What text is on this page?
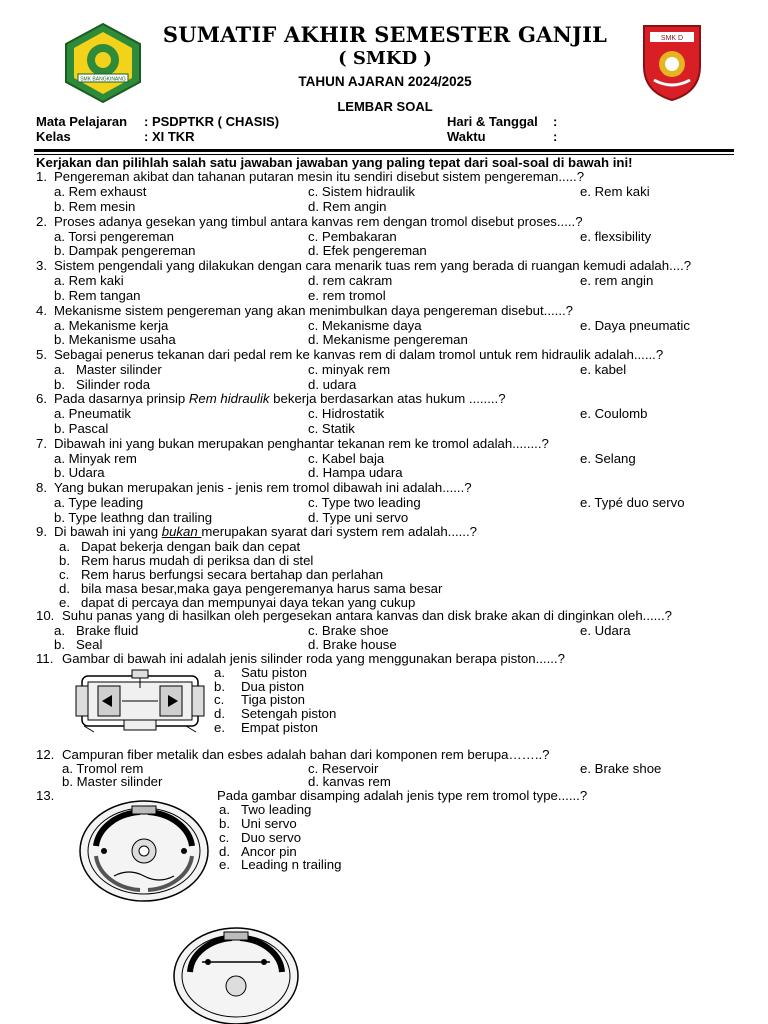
SMK BANGKINANG
SMK D
SUMATIF AKHIR SEMESTER GANJIL
( SMKD )
TAHUN AJARAN 2024/2025
LEMBAR SOAL
Mata Pelajaran : PSDPTKR ( CHASIS)
Kelas	: XI TKR
Hari & Tanggal :
Waktu	:
Kerjakan dan pilihlah salah satu jawaban jawaban yang paling tepat dari soal-soal di bawah ini!
1. Pengereman akibat dan tahanan putaran mesin itu sendiri disebut sistem pengereman.....?
a. Rem exhaust	c. Sistem hidraulik	e. Rem kaki
b. Rem mesin	d. Rem angin
2. Proses adanya gesekan yang timbul antara kanvas rem dengan tromol disebut proses.....?
a. Torsi pengereman	c. Pembakaran	e. flexsibility
b. Dampak pengereman	d. Efek pengereman
3. Sistem pengendali yang dilakukan dengan cara menarik tuas rem yang berada di ruangan kemudi adalah....?
a. Rem kaki	d. rem cakram	e. rem angin
b. Rem tangan	e. rem tromol
4. Mekanisme sistem pengereman yang akan menimbulkan daya pengereman disebut......?
a. Mekanisme kerja	c. Mekanisme daya	e. Daya pneumatic
b. Mekanisme usaha	d. Mekanisme pengereman
5. Sebagai penerus tekanan dari pedal rem ke kanvas rem di dalam tromol untuk rem hidraulik adalah......?
a.   Master silinder	c. minyak rem	e. kabel
b.   Silinder roda	d. udara
6. Pada dasarnya prinsip Rem hidraulik bekerja berdasarkan atas hukum ........?
a. Pneumatik	c. Hidrostatik	e. Coulomb
b. Pascal	c. Statik
7. Dibawah ini yang bukan merupakan penghantar tekanan rem ke tromol adalah........?
a. Minyak rem	c. Kabel baja	e. Selang
b. Udara	d. Hampa udara
8. Yang bukan merupakan jenis - jenis rem tromol dibawah ini adalah......?
a. Type leading	c. Type two leading	e. Typé duo servo
b. Type leathng dan trailing	d. Type uni servo
9. Di bawah ini yang bukan merupakan syarat dari system rem adalah......?
a. Dapat bekerja dengan baik dan cepat
b. Rem harus mudah di periksa dan di stel
c. Rem harus berfungsi secara bertahap dan perlahan
d. bila masa besar,maka gaya pengeremanya harus sama besar
e. dapat di percaya dan mempunyai daya tekan yang cukup
10. Suhu panas yang di hasilkan oleh pergesekan antara kanvas dan disk brake akan di dinginkan oleh......?
a.   Brake fluid	c. Brake shoe	e. Udara
b.   Seal	d. Brake house
11. Gambar di bawah ini adalah jenis silinder roda yang menggunakan berapa piston......?
a. Satu piston
b. Dua piston
c. Tiga piston
d. Setengah piston
e. Empat piston
12. Campuran fiber metalik dan esbes adalah bahan dari komponen rem berupa……..?
a. Tromol rem	c. Reservoir	e. Brake shoe
b. Master silinder	d. kanvas rem
13.	Pada gambar disamping adalah jenis type rem tromol type......?
a. Two leading
b. Uni servo
c. Duo servo
d. Ancor pin
e. Leading n trailing
